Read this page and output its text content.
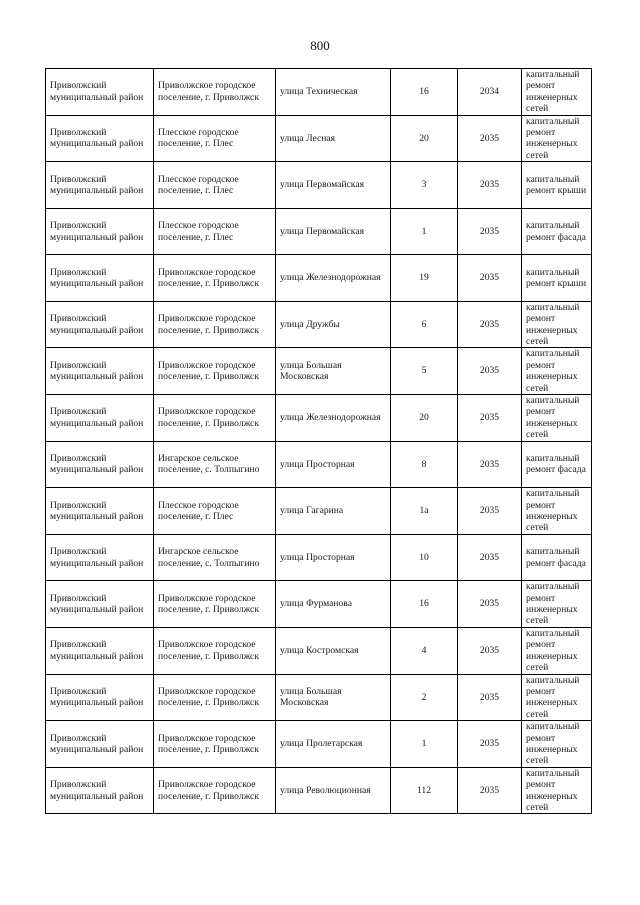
800
Приволжский муниципальный район	Приволжское городское поселение, г. Приволжск	улица Техническая	16	2034	капитальный ремонт инженерных сетей
Приволжский муниципальный район	Плесское городское поселение, г. Плес	улица Лесная	20	2035	капитальный ремонт инженерных сетей
Приволжский муниципальный район	Плесское городское поселение, г. Плес	улица Первомайская	3	2035	капитальный ремонт крыши
Приволжский муниципальный район	Плесское городское поселение, г. Плес	улица Первомайская	1	2035	капитальный ремонт фасада
Приволжский муниципальный район	Приволжское городское поселение, г. Приволжск	улица Железнодорожная	19	2035	капитальный ремонт крыши
Приволжский муниципальный район	Приволжское городское поселение, г. Приволжск	улица Дружбы	6	2035	капитальный ремонт инженерных сетей
Приволжский муниципальный район	Приволжское городское поселение, г. Приволжск	улица Большая Московская	5	2035	капитальный ремонт инженерных сетей
Приволжский муниципальный район	Приволжское городское поселение, г. Приволжск	улица Железнодорожная	20	2035	капитальный ремонт инженерных сетей
Приволжский муниципальный район	Ингарское сельское поселение, с. Толпыгино	улица Просторная	8	2035	капитальный ремонт фасада
Приволжский муниципальный район	Плесское городское поселение, г. Плес	улица Гагарина	1а	2035	капитальный ремонт инженерных сетей
Приволжский муниципальный район	Ингарское сельское поселение, с. Толпыгино	улица Просторная	10	2035	капитальный ремонт фасада
Приволжский муниципальный район	Приволжское городское поселение, г. Приволжск	улица Фурманова	16	2035	капитальный ремонт инженерных сетей
Приволжский муниципальный район	Приволжское городское поселение, г. Приволжск	улица Костромская	4	2035	капитальный ремонт инженерных сетей
Приволжский муниципальный район	Приволжское городское поселение, г. Приволжск	улица Большая Московская	2	2035	капитальный ремонт инженерных сетей
Приволжский муниципальный район	Приволжское городское поселение, г. Приволжск	улица Пролетарская	1	2035	капитальный ремонт инженерных сетей
Приволжский муниципальный район	Приволжское городское поселение, г. Приволжск	улица Революционная	112	2035	капитальный ремонт инженерных сетей
